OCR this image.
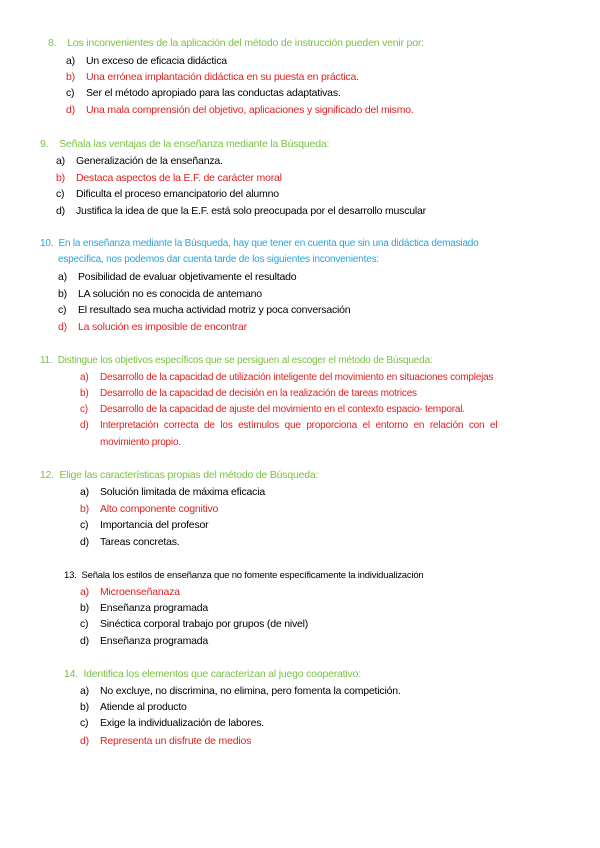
8. Los inconvenientes de la aplicación del método de instrucción pueden venir por:
a) Un exceso de eficacia didáctica
b) Una errónea implantación didáctica en su puesta en práctica.
c) Ser el método apropiado para las conductas adaptativas.
d) Una mala comprensión del objetivo, aplicaciones y significado del mismo.
9. Señala las ventajas de la enseñanza mediante la Búsqueda:
a) Generalización de la enseñanza.
b) Destaca aspectos de la E.F. de carácter moral
c) Dificulta el proceso emancipatorio del alumno
d) Justifica la idea de que la E.F. está solo preocupada por el desarrollo muscular
10. En la enseñanza mediante la Búsqueda, hay que tener en cuenta que sin una didáctica demasiado
específica, nos podemos dar cuenta tarde de los siguientes inconvenientes:
a) Posibilidad de evaluar objetivamente el resultado
b) LA solución no es conocida de antemano
c) El resultado sea mucha actividad motriz y poca conversación
d) La solución es imposible de encontrar
11. Distingue los objetivos específicos que se persiguen al escoger el método de Búsqueda:
a) Desarrollo de la capacidad de utilización inteligente del movimiento en situaciones complejas
b) Desarrollo de la capacidad de decisión en la realización de tareas motrices
c) Desarrollo de la capacidad de ajuste del movimiento en el contexto espacio- temporal.
d) Interpretación correcta de los estímulos que proporciona el entorno en relación con el
movimiento propio.
12. Elige las características propias del método de Búsqueda:
a) Solución limitada de máxima eficacia
b) Alto componente cognitivo
c) Importancia del profesor
d) Tareas concretas.
13. Señala los estilos de enseñanza que no fomente específicamente la individualización
a) Microenseñanaza
b) Enseñanza programada
c) Sinéctica corporal trabajo por grupos (de nivel)
d) Enseñanza programada
14. Identifica los elementos que caracterizan al juego cooperativo:
a) No excluye, no discrimina, no elimina, pero fomenta la competición.
b) Atiende al producto
c) Exige la individualización de labores.
d) Representa un disfrute de medios
